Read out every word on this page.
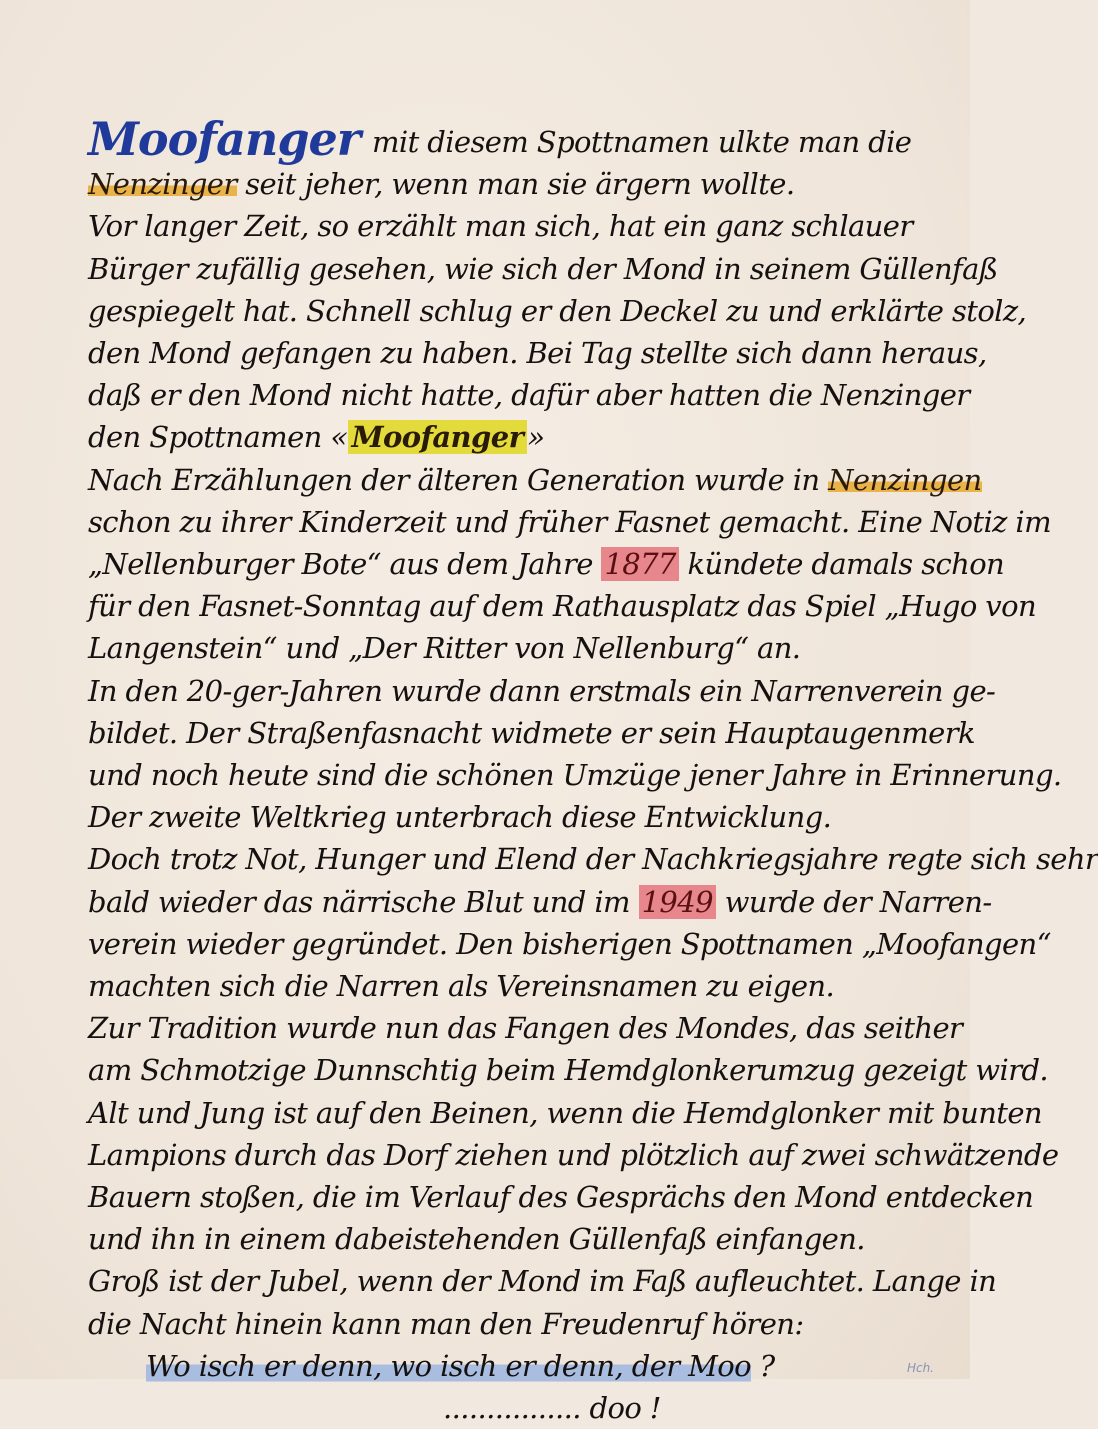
Moofanger mit diesem Spottnamen ulkte man die
Nenzinger seit jeher, wenn man sie ärgern wollte.
Vor langer Zeit, so erzählt man sich, hat ein ganz schlauer
Bürger zufällig gesehen, wie sich der Mond in seinem Güllenfaß
gespiegelt hat. Schnell schlug er den Deckel zu und erklärte stolz,
den Mond gefangen zu haben. Bei Tag stellte sich dann heraus,
daß er den Mond nicht hatte, dafür aber hatten die Nenzinger
den Spottnamen « Moofanger »
Nach Erzählungen der älteren Generation wurde in Nenzingen
schon zu ihrer Kinderzeit und früher Fasnet gemacht. Eine Notiz im
„Nellenburger Bote“ aus dem Jahre 1877 kündete damals schon
für den Fasnet-Sonntag auf dem Rathausplatz das Spiel „Hugo von
Langenstein“ und „Der Ritter von Nellenburg“ an.
In den 20-ger-Jahren wurde dann erstmals ein Narrenverein ge-
bildet. Der Straßenfasnacht widmete er sein Hauptaugenmerk
und noch heute sind die schönen Umzüge jener Jahre in Erinnerung.
Der zweite Weltkrieg unterbrach diese Entwicklung.
Doch trotz Not, Hunger und Elend der Nachkriegsjahre regte sich sehr
bald wieder das närrische Blut und im 1949 wurde der Narren-
verein wieder gegründet. Den bisherigen Spottnamen „Moofangen“
machten sich die Narren als Vereinsnamen zu eigen.
Zur Tradition wurde nun das Fangen des Mondes, das seither
am Schmotzige Dunnschtig beim Hemdglonkerumzug gezeigt wird.
Alt und Jung ist auf den Beinen, wenn die Hemdglonker mit bunten
Lampions durch das Dorf ziehen und plötzlich auf zwei schwätzende
Bauern stoßen, die im Verlauf des Gesprächs den Mond entdecken
und ihn in einem dabeistehenden Güllenfaß einfangen.
Groß ist der Jubel, wenn der Mond im Faß aufleuchtet. Lange in
die Nacht hinein kann man den Freudenruf hören:
Wo isch er denn, wo isch er denn, der Moo ?
................ doo !
Hch.
